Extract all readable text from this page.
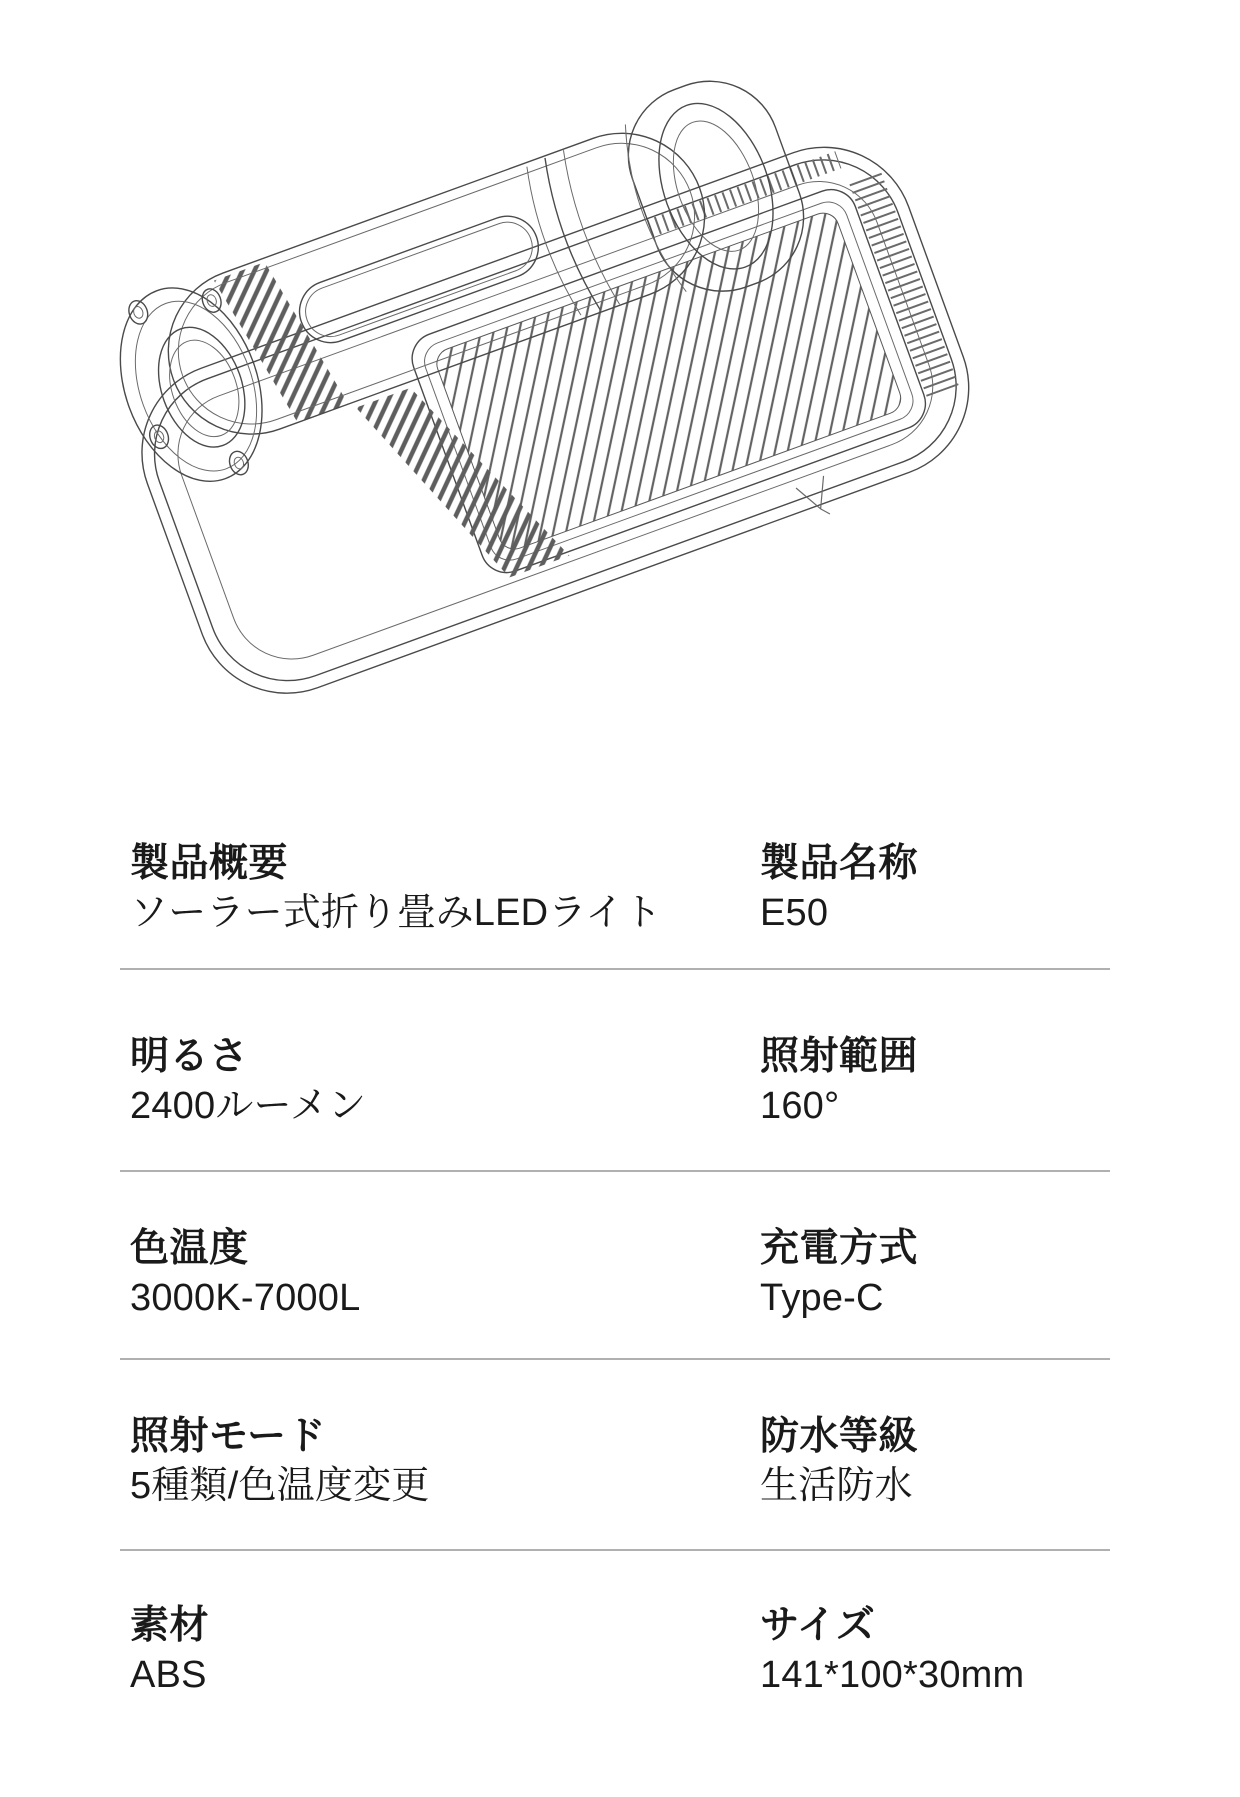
製品概要

ソーラー式折り畳みLEDライト

製品名称

E50

明るさ

2400ルーメン

照射範囲

160°

色温度

3000K-7000L

充電方式

Type-C

照射モード

5種類/色温度変更

防水等級

生活防水

素材

ABS

サイズ

141*100*30mm
